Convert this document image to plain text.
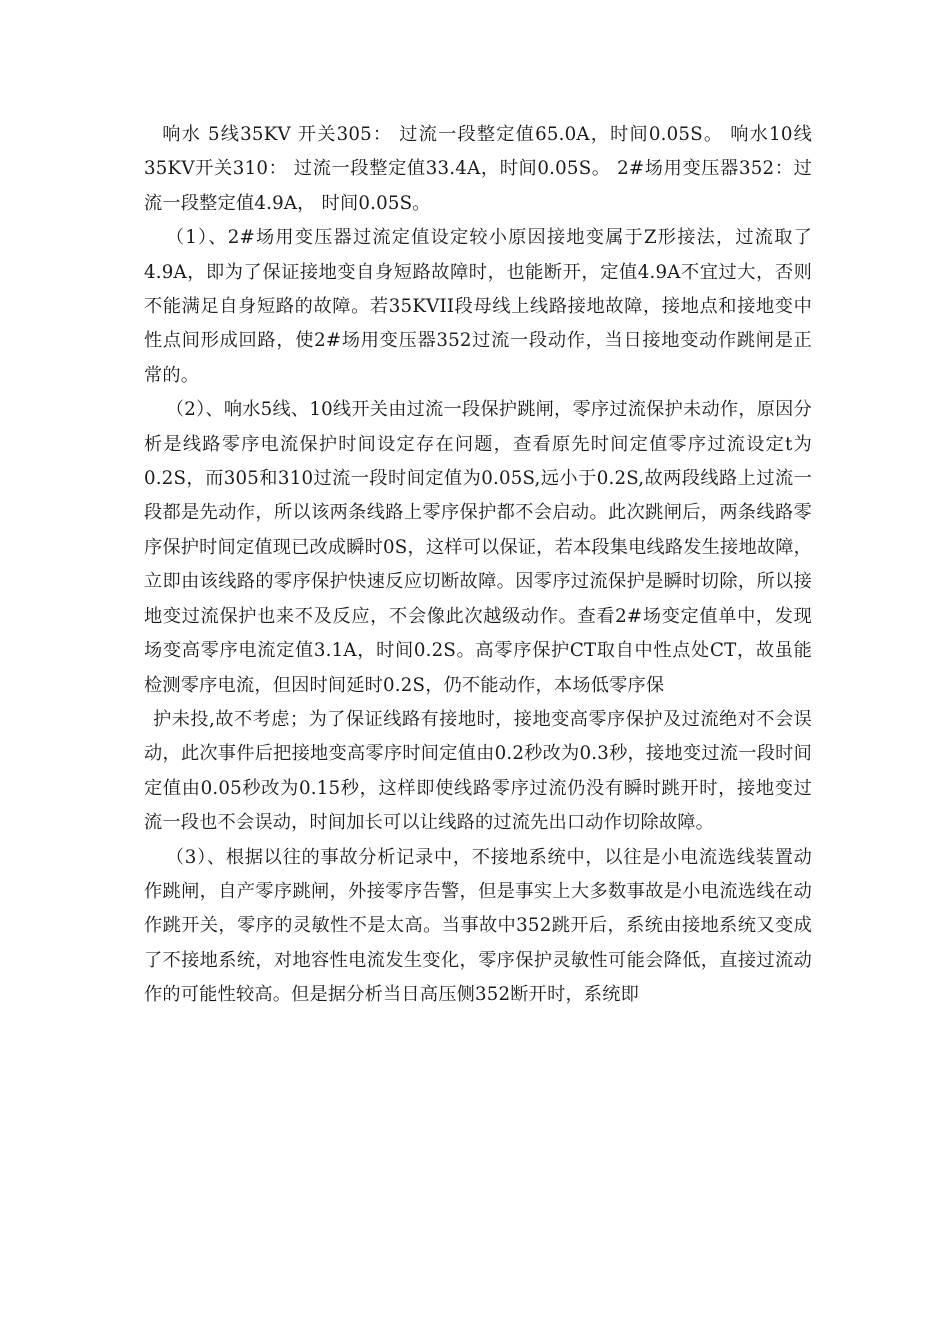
响水 5线35KV 开关305： 过流一段整定值65.0A，时间0.05S。 响水10线35KV开关310： 过流一段整定值33.4A，时间0.05S。 2#场用变压器352：过流一段整定值4.9A， 时间0.05S。

（1）、2#场用变压器过流定值设定较小原因接地变属于Z形接法，过流取了4.9A，即为了保证接地变自身短路故障时，也能断开，定值4.9A不宜过大，否则不能满足自身短路的故障。若35KVII段母线上线路接地故障，接地点和接地变中性点间形成回路，使2#场用变压器352过流一段动作，当日接地变动作跳闸是正常的。

（2）、响水5线、10线开关由过流一段保护跳闸，零序过流保护未动作，原因分析是线路零序电流保护时间设定存在问题，查看原先时间定值零序过流设定t为0.2S，而305和310过流一段时间定值为0.05S,远小于0.2S,故两段线路上过流一段都是先动作，所以该两条线路上零序保护都不会启动。此次跳闸后，两条线路零序保护时间定值现已改成瞬时0S，这样可以保证，若本段集电线路发生接地故障，立即由该线路的零序保护快速反应切断故障。因零序过流保护是瞬时切除，所以接地变过流保护也来不及反应，不会像此次越级动作。查看2#场变定值单中，发现场变高零序电流定值3.1A，时间0.2S。高零序保护CT取自中性点处CT，故虽能检测零序电流，但因时间延时0.2S，仍不能动作，本场低零序保

护未投,故不考虑；为了保证线路有接地时，接地变高零序保护及过流绝对不会误动，此次事件后把接地变高零序时间定值由0.2秒改为0.3秒，接地变过流一段时间定值由0.05秒改为0.15秒，这样即使线路零序过流仍没有瞬时跳开时，接地变过流一段也不会误动，时间加长可以让线路的过流先出口动作切除故障。

（3）、根据以往的事故分析记录中，不接地系统中，以往是小电流选线装置动作跳闸，自产零序跳闸，外接零序告警，但是事实上大多数事故是小电流选线在动作跳开关，零序的灵敏性不是太高。当事故中352跳开后，系统由接地系统又变成了不接地系统，对地容性电流发生变化，零序保护灵敏性可能会降低，直接过流动作的可能性较高。但是据分析当日高压侧352断开时，系统即
